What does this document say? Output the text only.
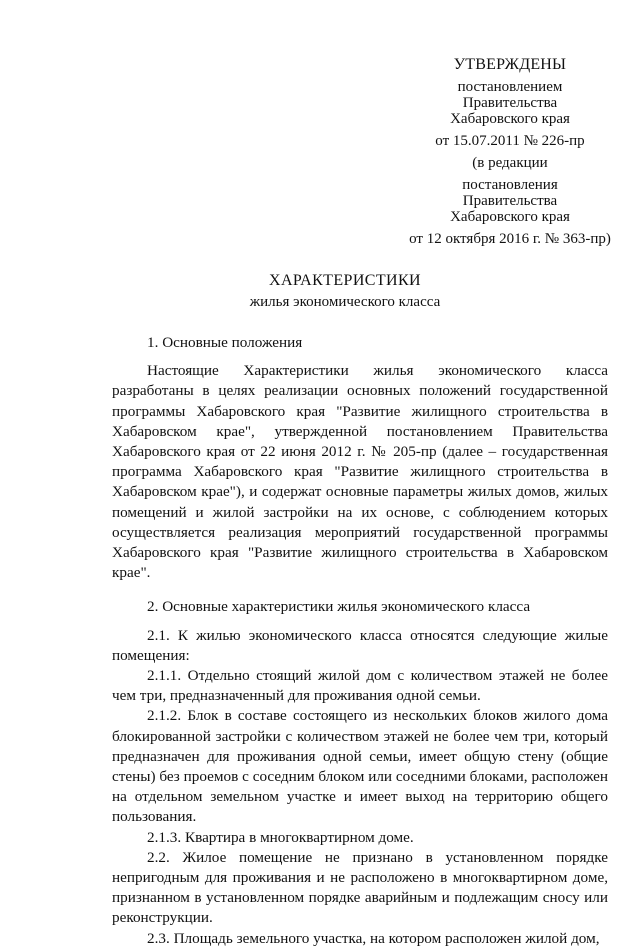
УТВЕРЖДЕНЫ
постановлением
Правительства
Хабаровского края
от 15.07.2011 № 226-пр
(в редакции
постановления
Правительства
Хабаровского края
от 12 октября 2016 г. № 363-пр)
ХАРАКТЕРИСТИКИ
жилья экономического класса

1. Основные положения

Настоящие Характеристики жилья экономического класса разработаны в целях реализации основных положений государственной программы Хабаровского края "Развитие жилищного строительства в Хабаровском крае", утвержденной постановлением Правительства Хабаровского края от 22 июня 2012 г. № 205-пр (далее – государственная программа Хабаровского края "Развитие жилищного строительства в Хабаровском крае"), и содержат основные параметры жилых домов, жилых помещений и жилой застройки на их основе, с соблюдением которых осуществляется реализация мероприятий государственной программы Хабаровского края "Развитие жилищного строительства в Хабаровском крае".

2. Основные характеристики жилья экономического класса

2.1. К жилью экономического класса относятся следующие жилые помещения:

2.1.1. Отдельно стоящий жилой дом с количеством этажей не более чем три, предназначенный для проживания одной семьи.

2.1.2. Блок в составе состоящего из нескольких блоков жилого дома блокированной застройки с количеством этажей не более чем три, который предназначен для проживания одной семьи, имеет общую стену (общие стены) без проемов с соседним блоком или соседними блоками, расположен на отдельном земельном участке и имеет выход на территорию общего пользования.

2.1.3. Квартира в многоквартирном доме.

2.2. Жилое помещение не признано в установленном порядке непригодным для проживания и не расположено в многоквартирном доме, признанном в установленном порядке аварийным и подлежащим сносу или реконструкции.

2.3. Площадь земельного участка, на котором расположен жилой дом,
